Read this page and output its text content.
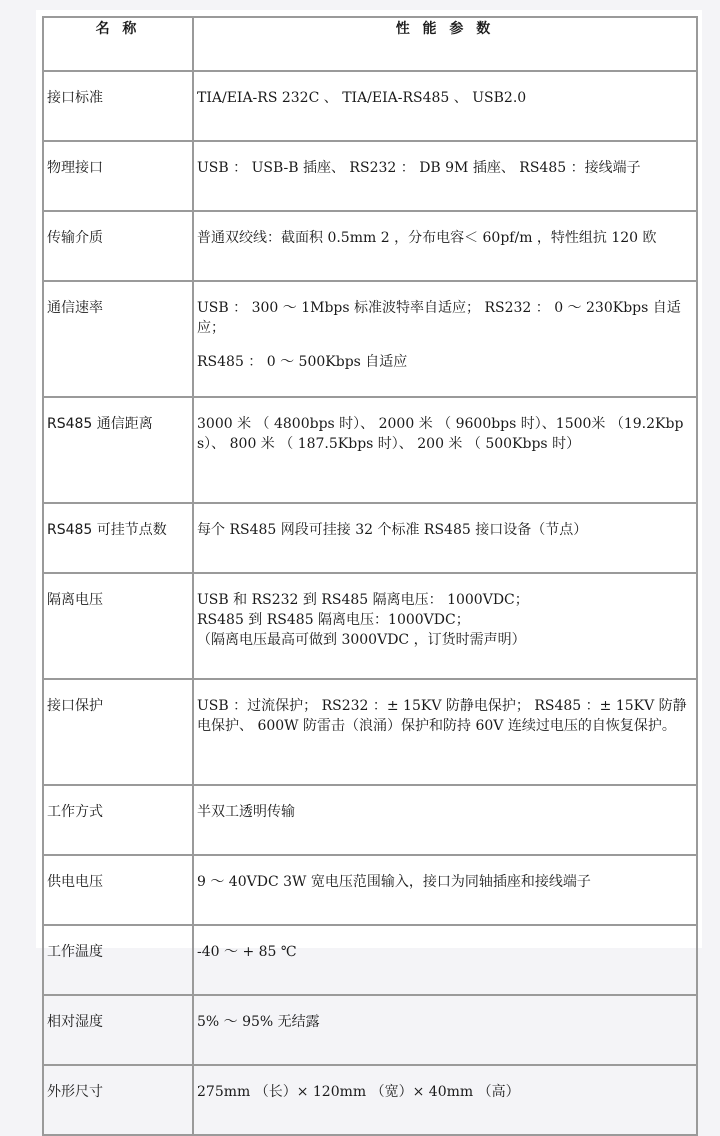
名 称	性 能 参 数
接口标准	TIA/EIA-RS 232C 、 TIA/EIA-RS485 、 USB2.0

物理接口	USB ： USB-B 插座、 RS232 ： DB 9M 插座、 RS485 ：接线端子

传输介质	普通双绞线：截面积 0.5mm 2 ，分布电容＜ 60pf/m ，特性组抗 120 欧

通信速率	USB ： 300 ～ 1Mbps 标准波特率自适应； RS232 ： 0 ～ 230Kbps 自适应；

RS485 ： 0 ～ 500Kbps 自适应

RS485 通信距离	3000 米 （ 4800bps 时）、 2000 米 （ 9600bps 时）、1500米 （19.2Kbps）、 800 米 （ 187.5Kbps 时）、 200 米 （ 500Kbps 时）

RS485 可挂节点数	每个 RS485 网段可挂接 32 个标准 RS485 接口设备（节点）

隔离电压	USB 和 RS232 到 RS485 隔离电压： 1000VDC；

RS485 到 RS485 隔离电压：1000VDC；

（隔离电压最高可做到 3000VDC ，订货时需声明）

接口保护	USB ：过流保护； RS232 ：± 15KV 防静电保护； RS485 ：± 15KV 防静电保护、 600W 防雷击（浪涌）保护和防持 60V 连续过电压的自恢复保护。

工作方式	半双工透明传输

供电电压	9 ～ 40VDC 3W 宽电压范围输入，接口为同轴插座和接线端子

工作温度	-40 ～ + 85 ℃

相对湿度	5% ～ 95% 无结露

外形尺寸	275mm （长）× 120mm （宽）× 40mm （高）
